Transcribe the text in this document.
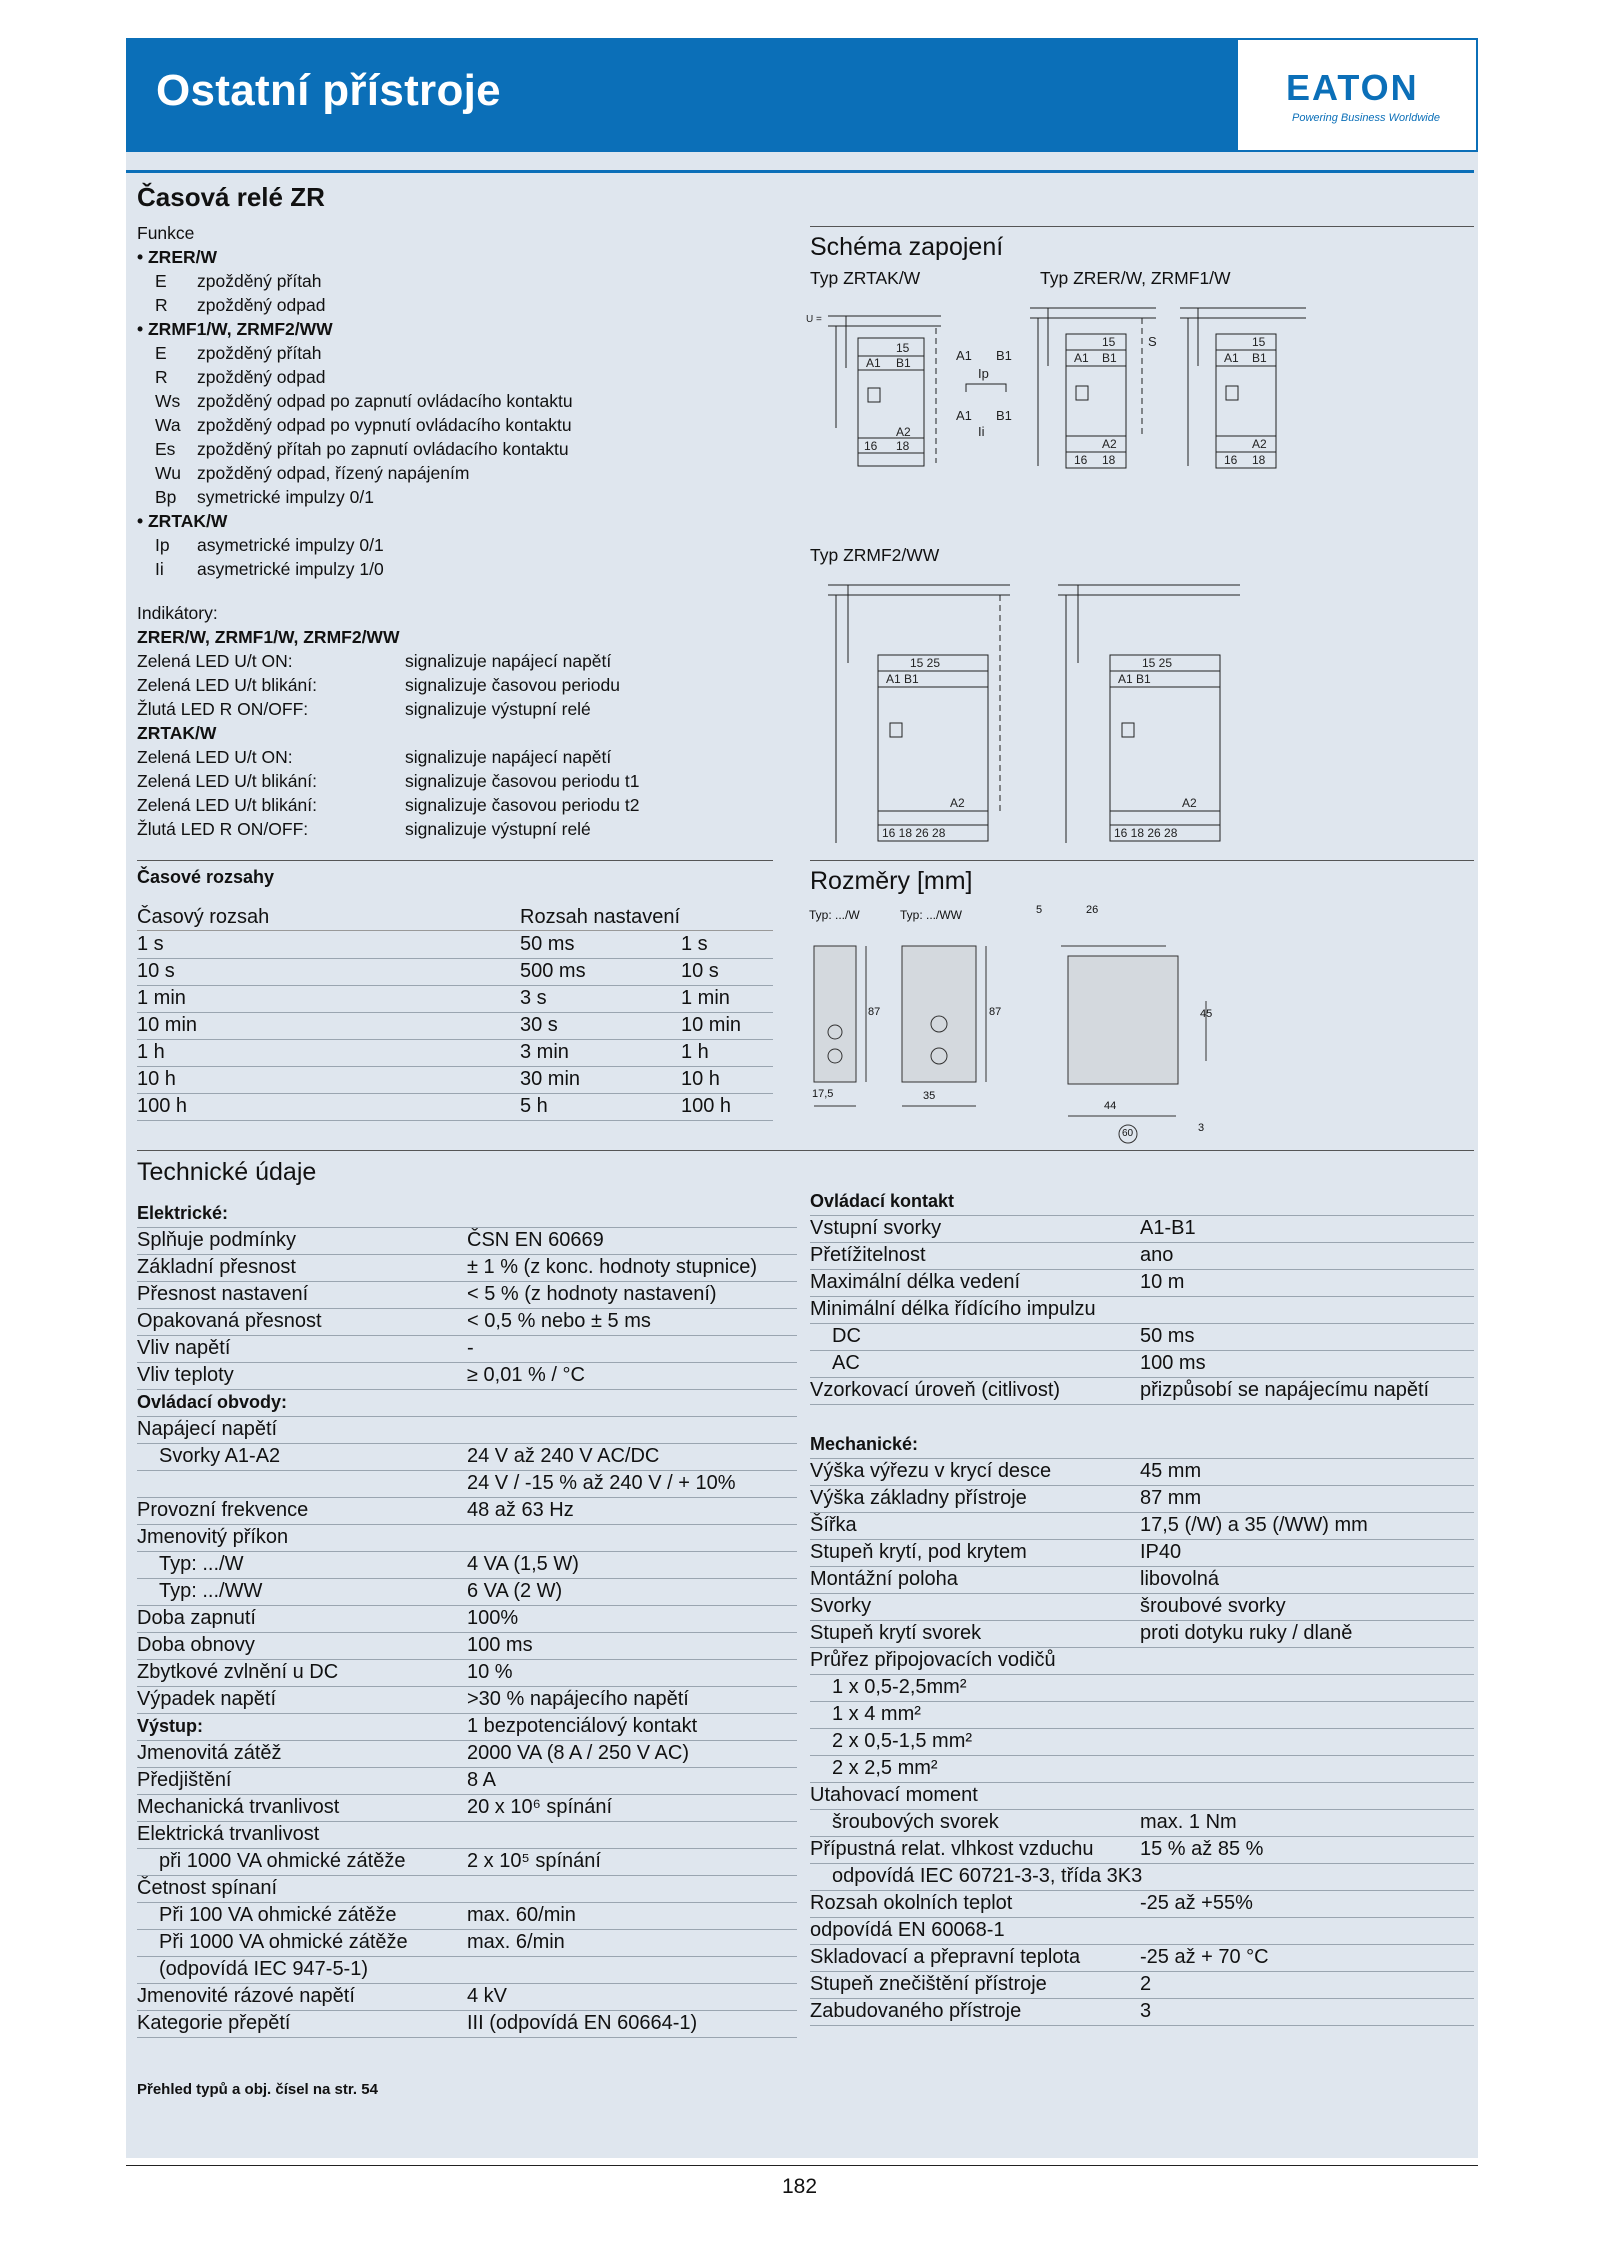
Ostatní přístroje	EATON
Powering Business Worldwide
Časová relé ZR
Funkce
• ZRER/W
E zpožděný přítah
R zpožděný odpad
• ZRMF1/W, ZRMF2/WW
E zpožděný přítah
R zpožděný odpad
Ws zpožděný odpad po zapnutí ovládacího kontaktu
Wa zpožděný odpad po vypnutí ovládacího kontaktu
Es zpožděný přítah po zapnutí ovládacího kontaktu
Wu zpožděný odpad, řízený napájením
Bp symetrické impulzy 0/1
• ZRTAK/W
Ip asymetrické impulzy 0/1
Ii asymetrické impulzy 1/0
Indikátory:
ZRER/W, ZRMF1/W, ZRMF2/WW
Zelená LED U/t ON:	signalizuje napájecí napětí
Zelená LED U/t blikání:	signalizuje časovou periodu
Žlutá LED R ON/OFF:	signalizuje výstupní relé
ZRTAK/W
Zelená LED U/t ON:	signalizuje napájecí napětí
Zelená LED U/t blikání:	signalizuje časovou periodu t1
Zelená LED U/t blikání:	signalizuje časovou periodu t2
Žlutá LED R ON/OFF:	signalizuje výstupní relé
Schéma zapojení
Typ ZRTAK/W	Typ ZRER/W, ZRMF1/W
Typ ZRMF2/WW
U =
15
A1 B1
16 18
A2
A1 B1
A1 B1
Ii
Ip
15
A1 B1
A2
16 18
S	15
A1 B1
A2
16 18
15 25
A1 B1
A2
16 18 26 28
15 25
A1 B1
A2
16 18 26 28
Časové rozsahy
Časový rozsah	Rozsah nastavení
1 s	50 ms	1 s
10 s	500 ms	10 s
1 min	3 s	1 min
10 min	30 s	10 min
1 h	3 min	1 h
10 h	30 min	10 h
100 h	5 h	100 h
Rozměry [mm]
Typ: .../W	Typ: .../WW
87	87
17,5	35
5	26
45
44
60	3
Technické údaje
Elektrické:
Splňuje podmínky	ČSN EN 60669
Základní přesnost	± 1 % (z konc. hodnoty stupnice)
Přesnost nastavení	< 5 % (z hodnoty nastavení)
Opakovaná přesnost	< 0,5 % nebo ± 5 ms
Vliv napětí	-
Vliv teploty	≥ 0,01 % / °C
Ovládací obvody:
Napájecí napětí
Svorky A1-A2	24 V až 240 V AC/DC
24 V / -15 % až 240 V / + 10%
Provozní frekvence	48 až 63 Hz
Jmenovitý příkon
Typ: .../W	4 VA (1,5 W)
Typ: .../WW	6 VA (2 W)
Doba zapnutí	100%
Doba obnovy	100 ms
Zbytkové zvlnění u DC	10 %
Výpadek napětí	>30 % napájecího napětí
Výstup:	1 bezpotenciálový kontakt
Jmenovitá zátěž	2000 VA (8 A / 250 V AC)
Předjištění	8 A
Mechanická trvanlivost	20 x 10⁶ spínání
Elektrická trvanlivost
při 1000 VA ohmické zátěže	2 x 10⁵ spínání
Četnost spínaní
Při 100 VA ohmické zátěže	max. 60/min
Při 1000 VA ohmické zátěže	max. 6/min
(odpovídá IEC 947-5-1)
Jmenovité rázové napětí	4 kV
Kategorie přepětí	III (odpovídá EN 60664-1)
Ovládací kontakt
Vstupní svorky	A1-B1
Přetížitelnost	ano
Maximální délka vedení	10 m
Minimální délka řídícího impulzu
DC	50 ms
AC	100 ms
Vzorkovací úroveň (citlivost)	přizpůsobí se napájecímu napětí
Mechanické:
Výška výřezu v krycí desce	45 mm
Výška základny přístroje	87 mm
Šířka	17,5 (/W) a 35 (/WW) mm
Stupeň krytí, pod krytem	IP40
Montážní poloha	libovolná
Svorky	šroubové svorky
Stupeň krytí svorek	proti dotyku ruky / dlaně
Průřez připojovacích vodičů
1 x 0,5-2,5mm²
1 x 4 mm²
2 x 0,5-1,5 mm²
2 x 2,5 mm²
Utahovací moment
šroubových svorek	max. 1 Nm
Přípustná relat. vlhkost vzduchu 15 % až 85 %
odpovídá IEC 60721-3-3, třída 3K3
Rozsah okolních teplot	-25 až +55%
odpovídá EN 60068-1
Skladovací a přepravní teplota	-25 až + 70 °C
Stupeň znečištění přístroje	2
Zabudovaného přístroje	3
Přehled typů a obj. čísel na str. 54
182
